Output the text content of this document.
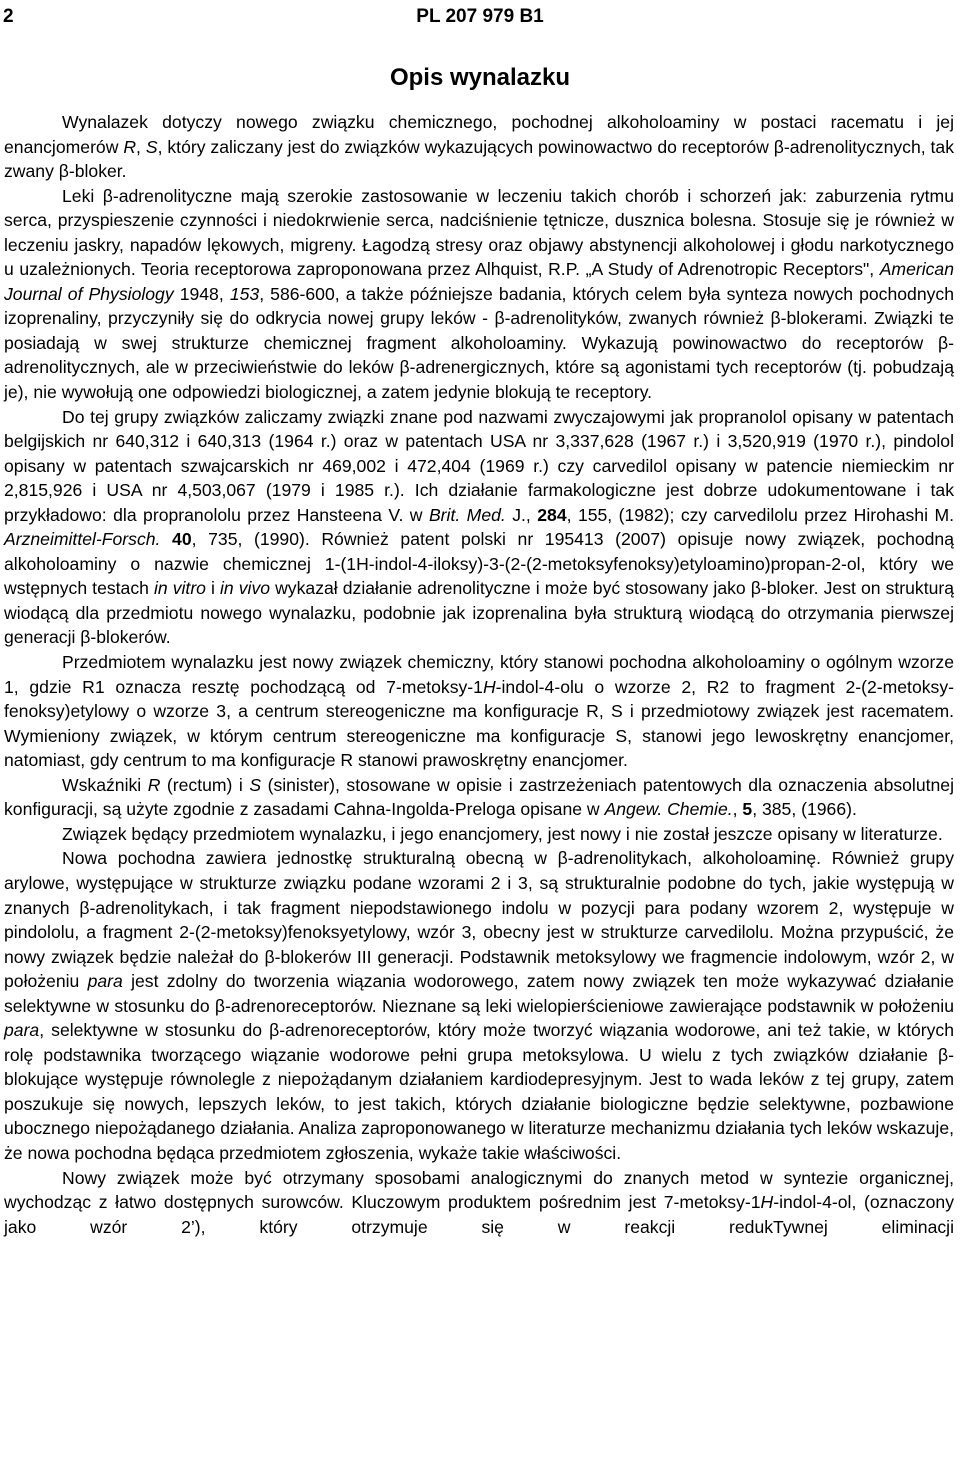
2	PL 207 979 B1
Opis wynalazku

Wynalazek dotyczy nowego związku chemicznego, pochodnej alkoholoaminy w postaci racematu i jej enancjomerów R, S, który zaliczany jest do związków wykazujących powinowactwo do receptorów β-adrenolitycznych, tak zwany β-bloker.

Leki β-adrenolityczne mają szerokie zastosowanie w leczeniu takich chorób i schorzeń jak: zaburzenia rytmu serca, przyspieszenie czynności i niedokrwienie serca, nadciśnienie tętnicze, dusznica bolesna. Stosuje się je również w leczeniu jaskry, napadów lękowych, migreny. Łagodzą stresy oraz objawy abstynencji alkoholowej i głodu narkotycznego u uzależnionych. Teoria receptorowa zaproponowana przez Alhquist, R.P. „A Study of Adrenotropic Receptors", American Journal of Physiology 1948, 153, 586-600, a także późniejsze badania, których celem była synteza nowych pochodnych izoprenaliny, przyczyniły się do odkrycia nowej grupy leków - β-adrenolityków, zwanych również β-blokerami. Związki te posiadają w swej strukturze chemicznej fragment alkoholoaminy. Wykazują powinowactwo do receptorów β-adrenolitycznych, ale w przeciwieństwie do leków β-adrenergicznych, które są agonistami tych receptorów (tj. pobudzają je), nie wywołują one odpowiedzi biologicznej, a zatem jedynie blokują te receptory.

Do tej grupy związków zaliczamy związki znane pod nazwami zwyczajowymi jak propranolol opisany w patentach belgijskich nr 640,312 i 640,313 (1964 r.) oraz w patentach USA nr 3,337,628 (1967 r.) i 3,520,919 (1970 r.), pindolol opisany w patentach szwajcarskich nr 469,002 i 472,404 (1969 r.) czy carvedilol opisany w patencie niemieckim nr 2,815,926 i USA nr 4,503,067 (1979 i 1985 r.). Ich działanie farmakologiczne jest dobrze udokumentowane i tak przykładowo: dla propranololu przez Hansteena V. w Brit. Med. J., 284, 155, (1982); czy carvedilolu przez Hirohashi M. Arzneimittel-Forsch. 40, 735, (1990). Również patent polski nr 195413 (2007) opisuje nowy związek, pochodną alkoholoaminy o nazwie chemicznej 1-(1H-indol-4-iloksy)-3-(2-(2-metoksyfenoksy)etyloamino)propan-2-ol, który we wstępnych testach in vitro i in vivo wykazał działanie adrenolityczne i może być stosowany jako β-bloker. Jest on strukturą wiodącą dla przedmiotu nowego wynalazku, podobnie jak izoprenalina była strukturą wiodącą do otrzymania pierwszej generacji β-blokerów.

Przedmiotem wynalazku jest nowy związek chemiczny, który stanowi pochodna alkoholoaminy o ogólnym wzorze 1, gdzie R1 oznacza resztę pochodzącą od 7-metoksy-1H-indol-4-olu o wzorze 2, R2 to fragment 2-(2-metoksy-fenoksy)etylowy o wzorze 3, a centrum stereogeniczne ma konfiguracje R, S i przedmiotowy związek jest racematem. Wymieniony związek, w którym centrum stereogeniczne ma konfiguracje S, stanowi jego lewoskrętny enancjomer, natomiast, gdy centrum to ma konfiguracje R stanowi prawoskrętny enancjomer.

Wskaźniki R (rectum) i S (sinister), stosowane w opisie i zastrzeżeniach patentowych dla oznaczenia absolutnej konfiguracji, są użyte zgodnie z zasadami Cahna-Ingolda-Preloga opisane w Angew. Chemie., 5, 385, (1966).

Związek będący przedmiotem wynalazku, i jego enancjomery, jest nowy i nie został jeszcze opisany w literaturze.

Nowa pochodna zawiera jednostkę strukturalną obecną w β-adrenolitykach, alkoholoaminę. Również grupy arylowe, występujące w strukturze związku podane wzorami 2 i 3, są strukturalnie podobne do tych, jakie występują w znanych β-adrenolitykach, i tak fragment niepodstawionego indolu w pozycji para podany wzorem 2, występuje w pindololu, a fragment 2-(2-metoksy)fenoksyetylowy, wzór 3, obecny jest w strukturze carvedilolu. Można przypuścić, że nowy związek będzie należał do β-blokerów III generacji. Podstawnik metoksylowy we fragmencie indolowym, wzór 2, w położeniu para jest zdolny do tworzenia wiązania wodorowego, zatem nowy związek ten może wykazywać działanie selektywne w stosunku do β-adrenoreceptorów. Nieznane są leki wielopierścieniowe zawierające podstawnik w położeniu para, selektywne w stosunku do β-adrenoreceptorów, który może tworzyć wiązania wodorowe, ani też takie, w których rolę podstawnika tworzącego wiązanie wodorowe pełni grupa metoksylowa. U wielu z tych związków działanie β-blokujące występuje równolegle z niepożądanym działaniem kardiodepresyjnym. Jest to wada leków z tej grupy, zatem poszukuje się nowych, lepszych leków, to jest takich, których działanie biologiczne będzie selektywne, pozbawione ubocznego niepożądanego działania. Analiza zaproponowanego w literaturze mechanizmu działania tych leków wskazuje, że nowa pochodna będąca przedmiotem zgłoszenia, wykaże takie właściwości.

Nowy związek może być otrzymany sposobami analogicznymi do znanych metod w syntezie organicznej, wychodząc z łatwo dostępnych surowców. Kluczowym produktem pośrednim jest 7-metoksy-1H-indol-4-ol, (oznaczony jako wzór 2’), który otrzymuje się w reakcji redukTywnej eliminacji
